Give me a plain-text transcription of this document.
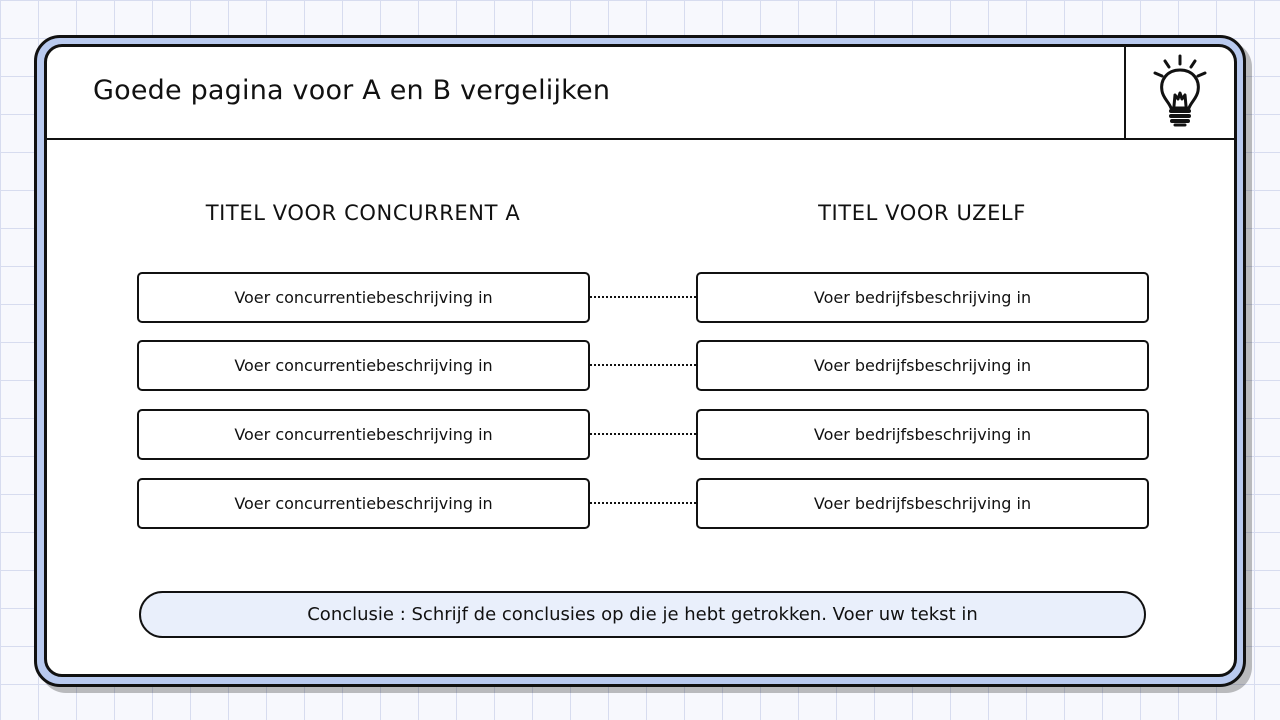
Goede pagina voor A en B vergelijken
TITEL VOOR CONCURRENT A	TITEL VOOR UZELF
Voer concurrentiebeschrijving in	Voer bedrijfsbeschrijving in
Voer concurrentiebeschrijving in	Voer bedrijfsbeschrijving in
Voer concurrentiebeschrijving in	Voer bedrijfsbeschrijving in
Voer concurrentiebeschrijving in	Voer bedrijfsbeschrijving in
Conclusie : Schrijf de conclusies op die je hebt getrokken. Voer uw tekst in
